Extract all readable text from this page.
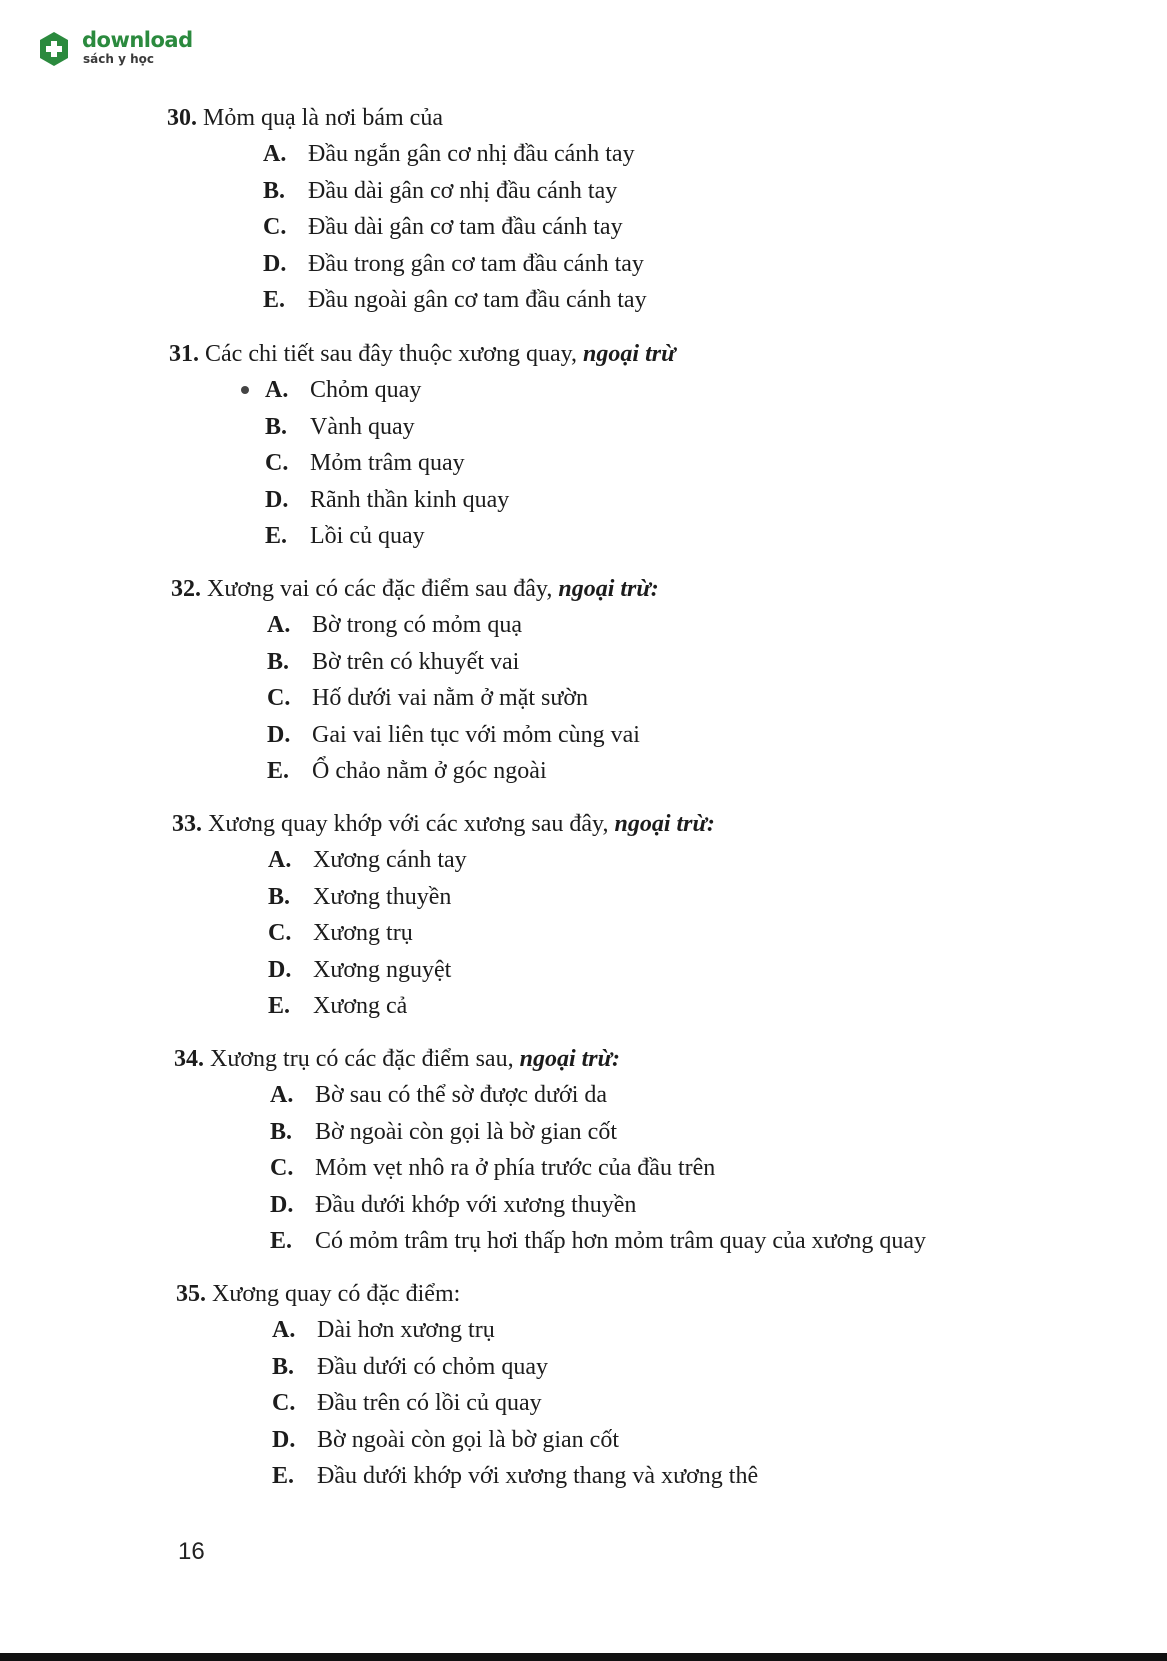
download
sách y học
30. Mỏm quạ là nơi bám của
A. Đầu ngắn gân cơ nhị đầu cánh tay
B. Đầu dài gân cơ nhị đầu cánh tay
C. Đầu dài gân cơ tam đầu cánh tay
D. Đầu trong gân cơ tam đầu cánh tay
E. Đầu ngoài gân cơ tam đầu cánh tay
31. Các chi tiết sau đây thuộc xương quay, ngoại trừ
A. Chỏm quay
B. Vành quay
C. Mỏm trâm quay
D. Rãnh thần kinh quay
E. Lồi củ quay
32. Xương vai có các đặc điểm sau đây, ngoại trừ:
A. Bờ trong có mỏm quạ
B. Bờ trên có khuyết vai
C. Hố dưới vai nằm ở mặt sườn
D. Gai vai liên tục với mỏm cùng vai
E. Ổ chảo nằm ở góc ngoài
33. Xương quay khớp với các xương sau đây, ngoại trừ:
A. Xương cánh tay
B. Xương thuyền
C. Xương trụ
D. Xương nguyệt
E. Xương cả
34. Xương trụ có các đặc điểm sau, ngoại trừ:
A. Bờ sau có thể sờ được dưới da
B. Bờ ngoài còn gọi là bờ gian cốt
C. Mỏm vẹt nhô ra ở phía trước của đầu trên
D. Đầu dưới khớp với xương thuyền
E. Có mỏm trâm trụ hơi thấp hơn mỏm trâm quay của xương quay
35. Xương quay có đặc điểm:
A. Dài hơn xương trụ
B. Đầu dưới có chỏm quay
C. Đầu trên có lồi củ quay
D. Bờ ngoài còn gọi là bờ gian cốt
E. Đầu dưới khớp với xương thang và xương thê
16
